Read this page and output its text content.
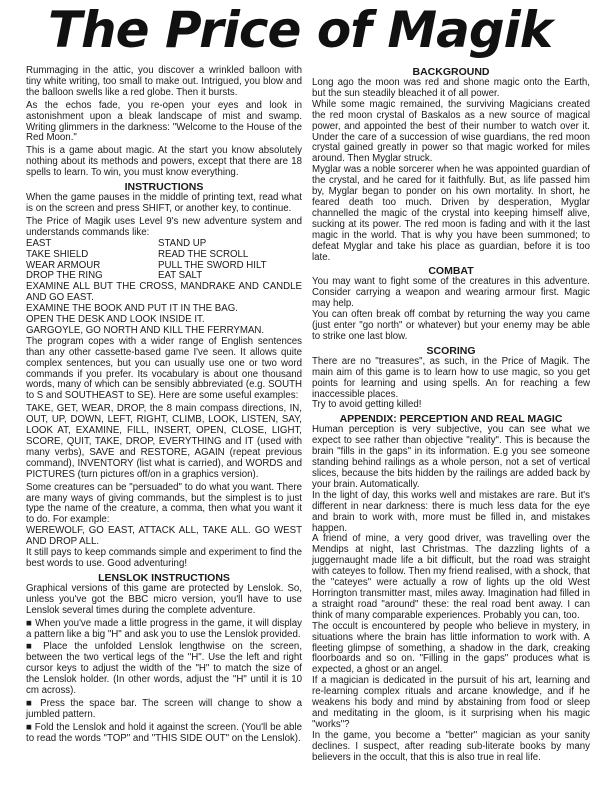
The Price of Magik

Rummaging in the attic, you discover a wrinkled balloon with tiny white writing, too small to make out. Intrigued, you blow and the balloon swells like a red globe. Then it bursts.

As the echos fade, you re-open your eyes and look in astonishment upon a bleak landscape of mist and swamp. Writing glimmers in the darkness: "Welcome to the House of the Red Moon."

This is a game about magic. At the start you know absolutely nothing about its methods and powers, except that there are 18 spells to learn. To win, you must know everything.

INSTRUCTIONS

When the game pauses in the middle of printing text, read what is on the screen and press SHIFT, or another key, to continue.

The Price of Magik uses Level 9's new adventure system and understands commands like:

EAST	STAND UP
TAKE SHIELD	READ THE SCROLL
WEAR ARMOUR	PULL THE SWORD HILT
DROP THE RING	EAT SALT
EXAMINE ALL BUT THE CROSS, MANDRAKE AND CANDLE AND GO EAST.
EXAMINE THE BOOK AND PUT IT IN THE BAG.
OPEN THE DESK AND LOOK INSIDE IT.
GARGOYLE, GO NORTH AND KILL THE FERRYMAN.

The program copes with a wider range of English sentences than any other cassette-based game I've seen. It allows quite complex sentences, but you can usually use one or two word commands if you prefer. Its vocabulary is about one thousand words, many of which can be sensibly abbreviated (e.g. SOUTH to S and SOUTHEAST to SE). Here are some useful examples:

TAKE, GET, WEAR, DROP, the 8 main compass directions, IN, OUT, UP, DOWN, LEFT, RIGHT, CLIMB, LOOK, LISTEN, SAY, LOOK AT, EXAMINE, FILL, INSERT, OPEN, CLOSE, LIGHT, SCORE, QUIT, TAKE, DROP, EVERYTHING and IT (used with many verbs), SAVE and RESTORE, AGAIN (repeat previous command), INVENTORY (list what is carried), and WORDS and PICTURES (turn pictures off/on in a graphics version).

Some creatures can be "persuaded" to do what you want. There are many ways of giving commands, but the simplest is to just type the name of the creature, a comma, then what you want it to do. For example:

WEREWOLF, GO EAST, ATTACK ALL, TAKE ALL. GO WEST AND DROP ALL.

It still pays to keep commands simple and experiment to find the best words to use. Good adventuring!

LENSLOK INSTRUCTIONS

Graphical versions of this game are protected by Lenslok. So, unless you've got the BBC micro version, you'll have to use Lenslok several times during the complete adventure.

■ When you've made a little progress in the game, it will display a pattern like a big "H" and ask you to use the Lenslok provided.

■ Place the unfolded Lenslok lengthwise on the screen, between the two vertical legs of the "H". Use the left and right cursor keys to adjust the width of the "H" to match the size of the Lenslok holder. (In other words, adjust the "H" until it is 10 cm across).

■ Press the space bar. The screen will change to show a jumbled pattern.

■ Fold the Lenslok and hold it against the screen. (You'll be able to read the words "TOP" and "THIS SIDE OUT" on the Lenslok).

BACKGROUND

Long ago the moon was red and shone magic onto the Earth, but the sun steadily bleached it of all power.

While some magic remained, the surviving Magicians created the red moon crystal of Baskalos as a new source of magical power, and appointed the best of their number to watch over it. Under the care of a succession of wise guardians, the red moon crystal gained greatly in power so that magic worked for miles around. Then Myglar struck.

Myglar was a noble sorcerer when he was appointed guardian of the crystal, and he cared for it faithfully. But, as life passed him by, Myglar began to ponder on his own mortality. In short, he feared death too much. Driven by desperation, Myglar channelled the magic of the crystal into keeping himself alive, sucking at its power. The red moon is fading and with it the last magic in the world. That is why you have been summoned; to defeat Myglar and take his place as guardian, before it is too late.

COMBAT

You may want to fight some of the creatures in this adventure. Consider carrying a weapon and wearing armour first. Magic may help.

You can often break off combat by returning the way you came (just enter "go north" or whatever) but your enemy may be able to strike one last blow.

SCORING

There are no "treasures", as such, in the Price of Magik. The main aim of this game is to learn how to use magic, so you get points for learning and using spells. An for reaching a few inaccessible places.

Try to avoid getting killed!

APPENDIX: PERCEPTION AND REAL MAGIC

Human perception is very subjective, you can see what we expect to see rather than objective "reality". This is because the brain "fills in the gaps" in its information. E.g you see someone standing behind railings as a whole person, not a set of vertical slices, because the bits hidden by the railings are added back by your brain. Automatically.

In the light of day, this works well and mistakes are rare. But it's different in near darkness: there is much less data for the eye and brain to work with, more must be filled in, and mistakes happen.

A friend of mine, a very good driver, was travelling over the Mendips at night, last Christmas. The dazzling lights of a juggernaught made life a bit difficult, but the road was straight with cateyes to follow. Then my friend realised, with a shock, that the "cateyes" were actually a row of lights up the old West Horrington transmitter mast, miles away. Imagination had filled in a straight road "around" these: the real road bent away. I can think of many comparable experiences. Probably you can, too.

The occult is encountered by people who believe in mystery, in situations where the brain has little information to work with. A fleeting glimpse of something, a shadow in the dark, creaking floorboards and so on. "Filling in the gaps" produces what is expected, a ghost or an angel.

If a magician is dedicated in the pursuit of his art, learning and re-learning complex rituals and arcane knowledge, and if he weakens his body and mind by abstaining from food or sleep and meditating in the gloom, is it surprising when his magic "works"?

In the game, you become a "better" magician as your sanity declines. I suspect, after reading sub-literate books by many believers in the occult, that this is also true in real life.
